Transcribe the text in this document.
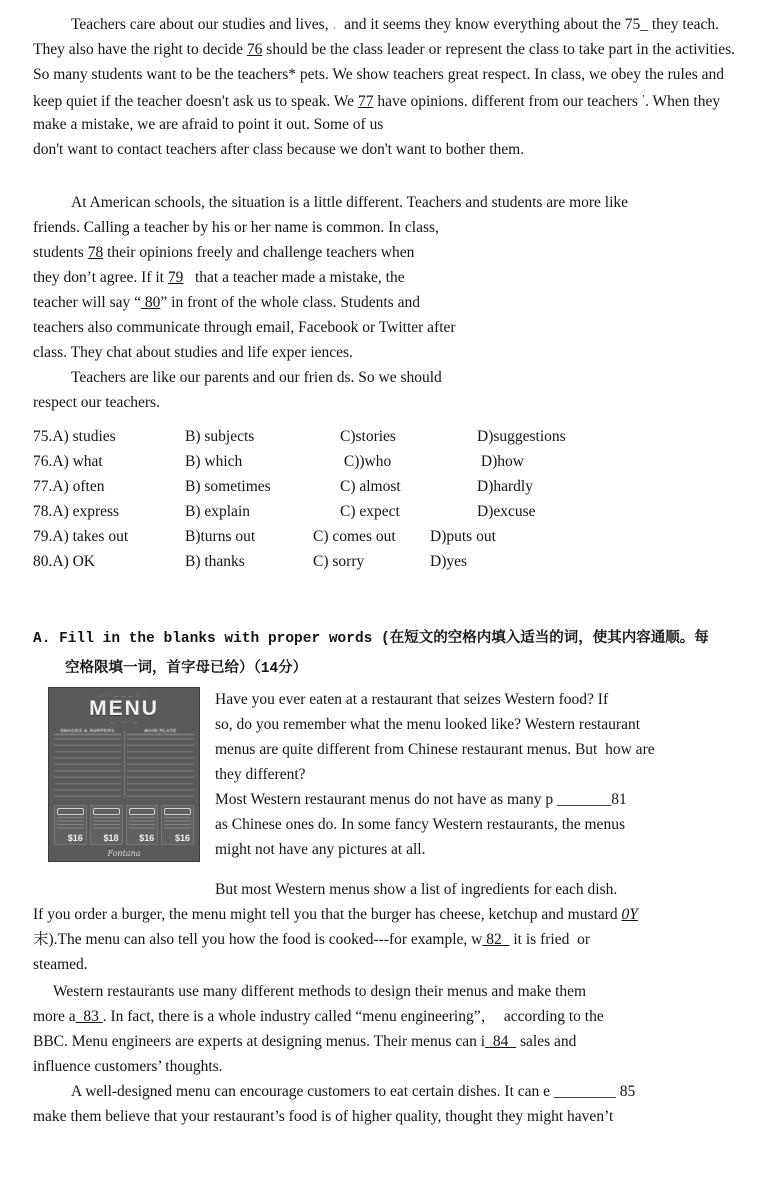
Teachers care about our studies and lives, .  and it seems they know everything about the 75_ they teach.
They also have the right to decide 76 should be the class leader or represent the class to take part in the activities.
So many students want to be the teachers* pets. We show teachers great respect. In class, we obey the rules and
keep quiet if the teacher doesn't ask us to speak. We 77 have opinions. different from our teachers $^ʼ$. When they
make a mistake, we are afraid to point it out. Some of us
don't want to contact teachers after class because we don't want to bother them.
At American schools, the situation is a little different. Teachers and students are more like
friends. Calling a teacher by his or her name is common. In class,
students 78 their opinions freely and challenge teachers when
they don’t agree. If it 79   that a teacher made a mistake, the
teacher will say “ 80” in front of the whole class. Students and
teachers also communicate through email, Facebook or Twitter after
class. They chat about studies and life exper iences.
Teachers are like our parents and our frien ds. So we should
respect our teachers.
75.A) studies	B) subjects	C)stories	D)suggestions
76.A) what	B) which	C))who	D)how
77.A) often	B) sometimes	C) almost	D)hardly
78.A) express	B) explain	C) expect	D)excuse
79.A) takes out	B)turns out	C) comes out	D)puts out
80.A) OK	B) thanks	C) sorry	D)yes
A. Fill in the blanks with proper words (在短文的空格内填入适当的词，使其内容通顺。每
空格限填一词，首字母已给）（14分）
· · · — — — · · ·
MENU
— · — · —
SNACKS & SUPPERS	MAIN PLATE
$16 $18 $16 $16
Fontana
Have you ever eaten at a restaurant that seizes Western food? If
so, do you remember what the menu looked like? Western restaurant
menus are quite different from Chinese restaurant menus. But  how are
they different?
Most Western restaurant menus do not have as many p _______81
as Chinese ones do. In some fancy Western restaurants, the menus
might not have any pictures at all.
But most Western menus show a list of ingredients for each dish.
If you order a burger, the menu might tell you that the burger has cheese, ketchup and mustard 0Y
末).The menu can also tell you how the food is cooked---for example, w 82   it is fried  or
steamed.
Western restaurants use many different methods to design their menus and make them
more a  83 . In fact, there is a whole industry called “menu engineering”，  according to the
BBC. Menu engineers are experts at designing menus. Their menus can i  84   sales and
influence customers’ thoughts.
A well-designed menu can encourage customers to eat certain dishes. It can e ________ 85
make them believe that your restaurant’s food is of higher quality, thought they might haven’t
